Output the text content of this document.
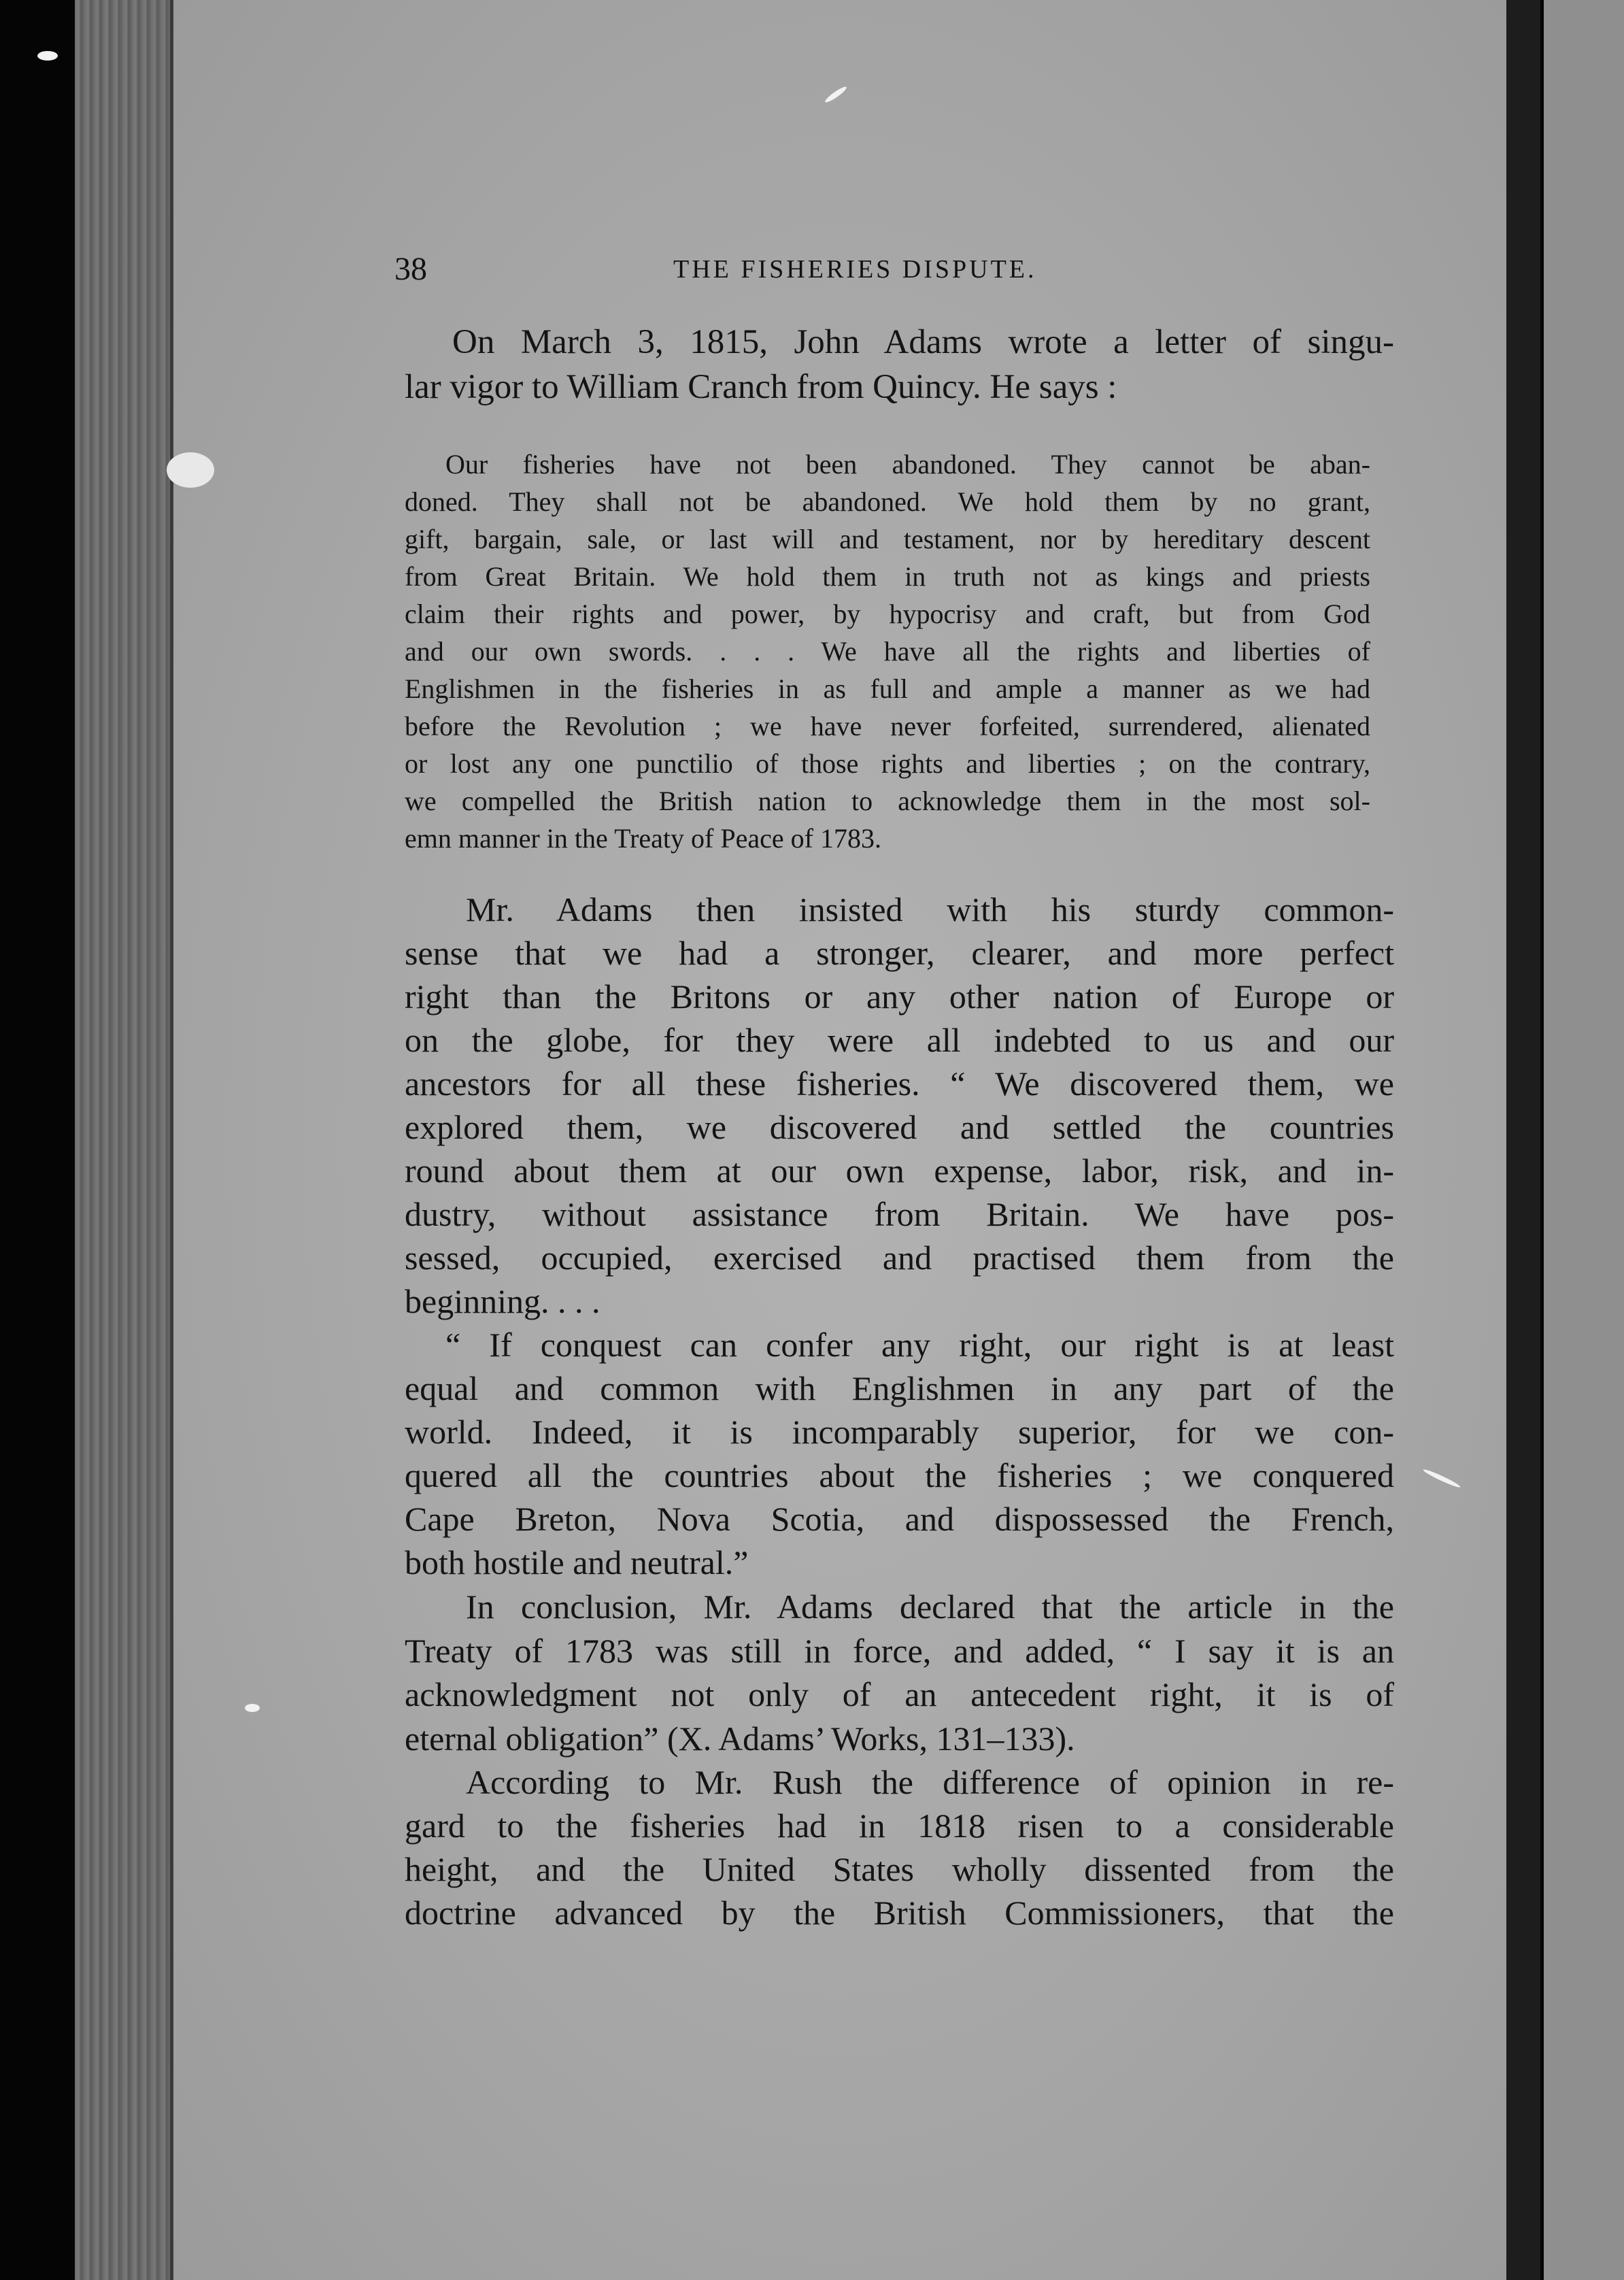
38	THE FISHERIES DISPUTE.
On March 3, 1815, John Adams wrote a letter of singu-
lar vigor to William Cranch from Quincy. He says :
Our fisheries have not been abandoned. They cannot be aban-
doned. They shall not be abandoned. We hold them by no grant,
gift, bargain, sale, or last will and testament, nor by hereditary descent
from Great Britain. We hold them in truth not as kings and priests
claim their rights and power, by hypocrisy and craft, but from God
and our own swords. . . . We have all the rights and liberties of
Englishmen in the fisheries in as full and ample a manner as we had
before the Revolution ; we have never forfeited, surrendered, alienated
or lost any one punctilio of those rights and liberties ; on the contrary,
we compelled the British nation to acknowledge them in the most sol-
emn manner in the Treaty of Peace of 1783.
Mr. Adams then insisted with his sturdy common-
sense that we had a stronger, clearer, and more perfect
right than the Britons or any other nation of Europe or
on the globe, for they were all indebted to us and our
ancestors for all these fisheries. “ We discovered them, we
explored them, we discovered and settled the countries
round about them at our own expense, labor, risk, and in-
dustry, without assistance from Britain. We have pos-
sessed, occupied, exercised and practised them from the
beginning. . . .
“ If conquest can confer any right, our right is at least
equal and common with Englishmen in any part of the
world. Indeed, it is incomparably superior, for we con-
quered all the countries about the fisheries ; we conquered
Cape Breton, Nova Scotia, and dispossessed the French,
both hostile and neutral.”
In conclusion, Mr. Adams declared that the article in the
Treaty of 1783 was still in force, and added, “ I say it is an
acknowledgment not only of an antecedent right, it is of
eternal obligation” (X. Adams’ Works, 131–133).
According to Mr. Rush the difference of opinion in re-
gard to the fisheries had in 1818 risen to a considerable
height, and the United States wholly dissented from the
doctrine advanced by the British Commissioners, that the
